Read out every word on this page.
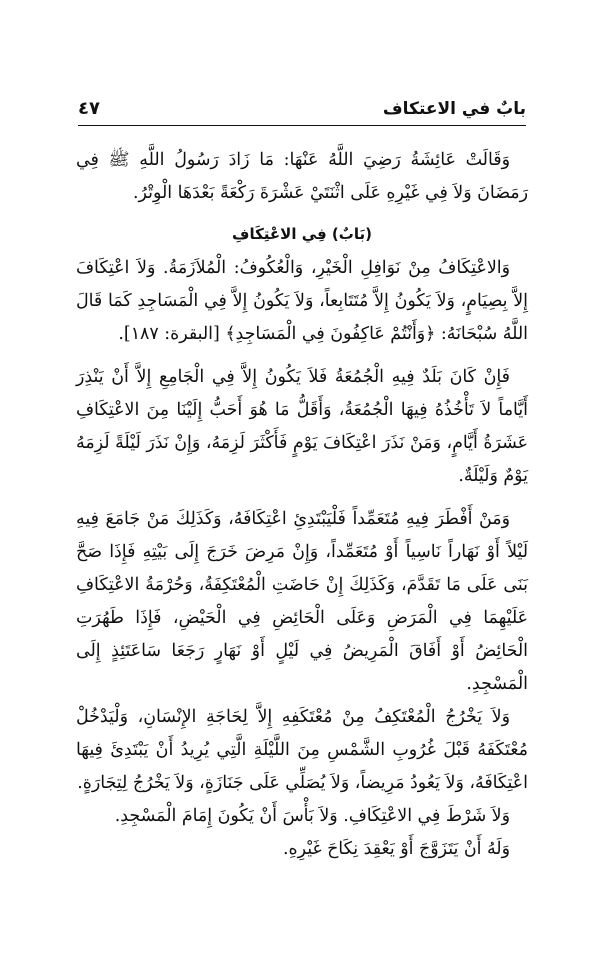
بابٌ في الاعتكاف
٤٧

وَقَالَتْ عَائِشَةُ رَضِيَ اللَّهُ عَنْهَا: مَا زَادَ رَسُولُ اللَّهِ ﷺ فِي رَمَضَانَ وَلاَ فِي غَيْرِهِ عَلَى اثْنَتَيْ عَشْرَةَ رَكْعَةً بَعْدَهَا الْوِتْرُ.

(بَابٌ) فِي الاعْتِكَافِ

وَالاعْتِكَافُ مِنْ نَوَافِلِ الْخَيْرِ، وَالْعُكُوفُ: الْمُلاَزَمَةُ. وَلاَ اعْتِكَافَ إِلاَّ بِصِيَامٍ، وَلاَ يَكُونُ إِلاَّ مُتَتَابِعاً، وَلاَ يَكُونُ إِلاَّ فِي الْمَسَاجِدِ كَمَا قَالَ اللَّهُ سُبْحَانَهُ: ﴿وَأَنْتُمْ عَاكِفُونَ فِي الْمَسَاجِدِ﴾ [البقرة: ١٨٧].

فَإِنْ كَانَ بَلَدٌ فِيهِ الْجُمُعَةُ فَلاَ يَكُونُ إِلاَّ فِي الْجَامِعِ إِلاَّ أَنْ يَنْذِرَ أَيَّاماً لاَ تَأْخُذُهُ فِيهَا الْجُمُعَةُ، وَأَقَلُّ مَا هُوَ أَحَبُّ إِلَيْنَا مِنَ الاعْتِكَافِ عَشَرَةُ أَيَّامٍ، وَمَنْ نَذَرَ اعْتِكَافَ يَوْمٍ فَأَكْثَرَ لَزِمَهُ، وَإِنْ نَذَرَ لَيْلَةً لَزِمَهُ يَوْمٌ وَلَيْلَةٌ.

وَمَنْ أَفْطَرَ فِيهِ مُتَعَمِّداً فَلْيَبْتَدِئِ اعْتِكَافَهُ، وَكَذَلِكَ مَنْ جَامَعَ فِيهِ لَيْلاً أَوْ نَهَاراً نَاسِياً أَوْ مُتَعَمِّداً، وَإِنْ مَرِضَ خَرَجَ إِلَى بَيْتِهِ فَإِذَا صَحَّ بَنَى عَلَى مَا تَقَدَّمَ، وَكَذَلِكَ إِنْ حَاضَتِ الْمُعْتَكِفَةُ، وَحُرْمَةُ الاعْتِكَافِ عَلَيْهِمَا فِي الْمَرَضِ وَعَلَى الْحَائِضِ فِي الْحَيْضِ، فَإِذَا طَهُرَتِ الْحَائِضُ أَوْ أَفَاقَ الْمَرِيضُ فِي لَيْلٍ أَوْ نَهَارٍ رَجَعَا سَاعَتَئِذٍ إِلَى الْمَسْجِدِ.

وَلاَ يَخْرُجُ الْمُعْتَكِفُ مِنْ مُعْتَكَفِهِ إِلاَّ لِحَاجَةِ الإِنْسَانِ، وَلْيَدْخُلْ مُعْتَكَفَهُ قَبْلَ غُرُوبِ الشَّمْسِ مِنَ اللَّيْلَةِ الَّتِي يُرِيدُ أَنْ يَبْتَدِئَ فِيهَا اعْتِكَافَهُ، وَلاَ يَعُودُ مَرِيضاً، وَلاَ يُصَلِّي عَلَى جَنَازَةٍ، وَلاَ يَخْرُجُ لِتِجَارَةٍ.

وَلاَ شَرْطَ فِي الاعْتِكَافِ. وَلاَ بَأْسَ أَنْ يَكُونَ إِمَامَ الْمَسْجِدِ.

وَلَهُ أَنْ يَتَزَوَّجَ أَوْ يَعْقِدَ نِكَاحَ غَيْرِهِ.
